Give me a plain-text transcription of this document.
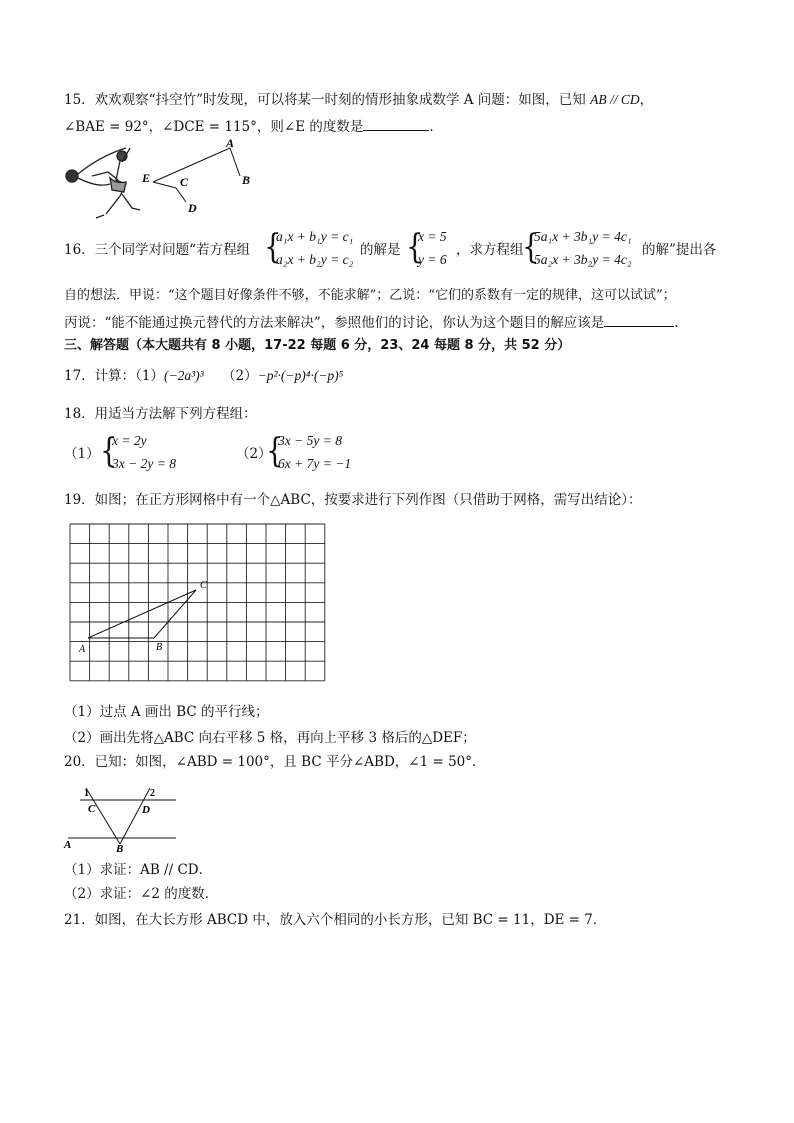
15．欢欢观察“抖空竹”时发现，可以将某一时刻的情形抽象成数学 A 问题：如图，已知 AB // CD，
∠BAE = 92°，∠DCE = 115°，则∠E 的度数是	．
A
B
C
D
E
16．三个同学对问题“若方程组 {
a₁x + b₁y = c₁
a₂x + b₂y = c₂
的解是 {
x = 5
y = 6
，求方程组
{
5a₁x + 3b₁y = 4c₁
5a₂x + 3b₂y = 4c₂
的解”提出各
自的想法．甲说：“这个题目好像条件不够，不能求解”；乙说：“它们的系数有一定的规律，这可以试试”；
丙说：“能不能通过换元替代的方法来解决”，参照他们的讨论，你认为这个题目的解应该是	．
三、解答题（本大题共有 8 小题，17-22 每题 6 分，23、24 每题 8 分，共 52 分）
17．计算：（1）(−2a³)³ （2）−p²·(−p)⁴·(−p)⁵
18．用适当方法解下列方程组：
（1） {
x = 2y
3x − 2y = 8
（2）
{
3x − 5y = 8
6x + 7y = −1
19．如图；在正方形网格中有一个△ABC，按要求进行下列作图（只借助于网格，需写出结论）：
A	B
C
（1）过点 A 画出 BC 的平行线；
（2）画出先将△ABC 向右平移 5 格，再向上平移 3 格后的△DEF；
20．已知：如图，∠ABD = 100°，且 BC 平分∠ABD，∠1 = 50°．
1	2
C	D
A	B
（1）求证：AB // CD．
（2）求证：∠2 的度数．
21．如图，在大长方形 ABCD 中，放入六个相同的小长方形，已知 BC = 11，DE = 7．
